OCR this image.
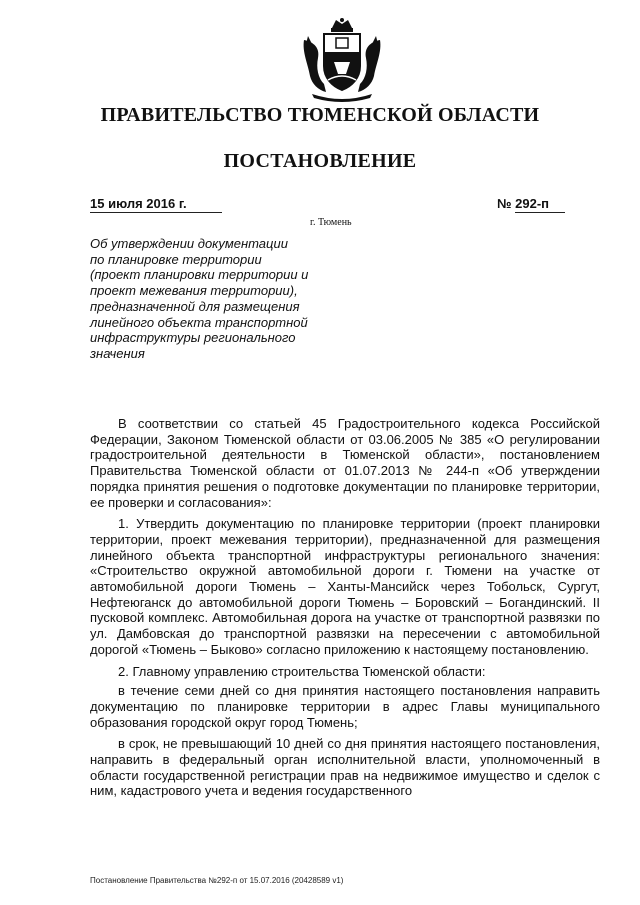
ПРАВИТЕЛЬСТВО ТЮМЕНСКОЙ ОБЛАСТИ
ПОСТАНОВЛЕНИЕ
15 июля 2016 г.	№ 292-п
г. Тюмень
Об утверждении документации
по планировке территории
(проект планировки территории и
проект межевания территории),
предназначенной для размещения
линейного объекта транспортной
инфраструктуры регионального
значения

В соответствии со статьей 45 Градостроительного кодекса Российской Федерации, Законом Тюменской области от 03.06.2005 № 385 «О регулировании градостроительной деятельности в Тюменской области», постановлением Правительства Тюменской области от 01.07.2013 № 244-п «Об утверждении порядка принятия решения о подготовке документации по планировке территории, ее проверки и согласования»:

1. Утвердить документацию по планировке территории (проект планировки территории, проект межевания территории), предназначенной для размещения линейного объекта транспортной инфраструктуры регионального значения: «Строительство окружной автомобильной дороги г. Тюмени на участке от автомобильной дороги Тюмень – Ханты-Мансийск через Тобольск, Сургут, Нефтеюганск до автомобильной дороги Тюмень – Боровский – Богандинский. II пусковой комплекс. Автомобильная дорога на участке от транспортной развязки по ул. Дамбовская до транспортной развязки на пересечении с автомобильной дорогой «Тюмень – Быково» согласно приложению к настоящему постановлению.

2. Главному управлению строительства Тюменской области:

в течение семи дней со дня принятия настоящего постановления направить документацию по планировке территории в адрес Главы муниципального образования городской округ город Тюмень;

в срок, не превышающий 10 дней со дня принятия настоящего постановления, направить в федеральный орган исполнительной власти, уполномоченный в области государственной регистрации прав на недвижимое имущество и сделок с ним, кадастрового учета и ведения государственного

Постановление Правительства №292-п от 15.07.2016 (20428589 v1)
